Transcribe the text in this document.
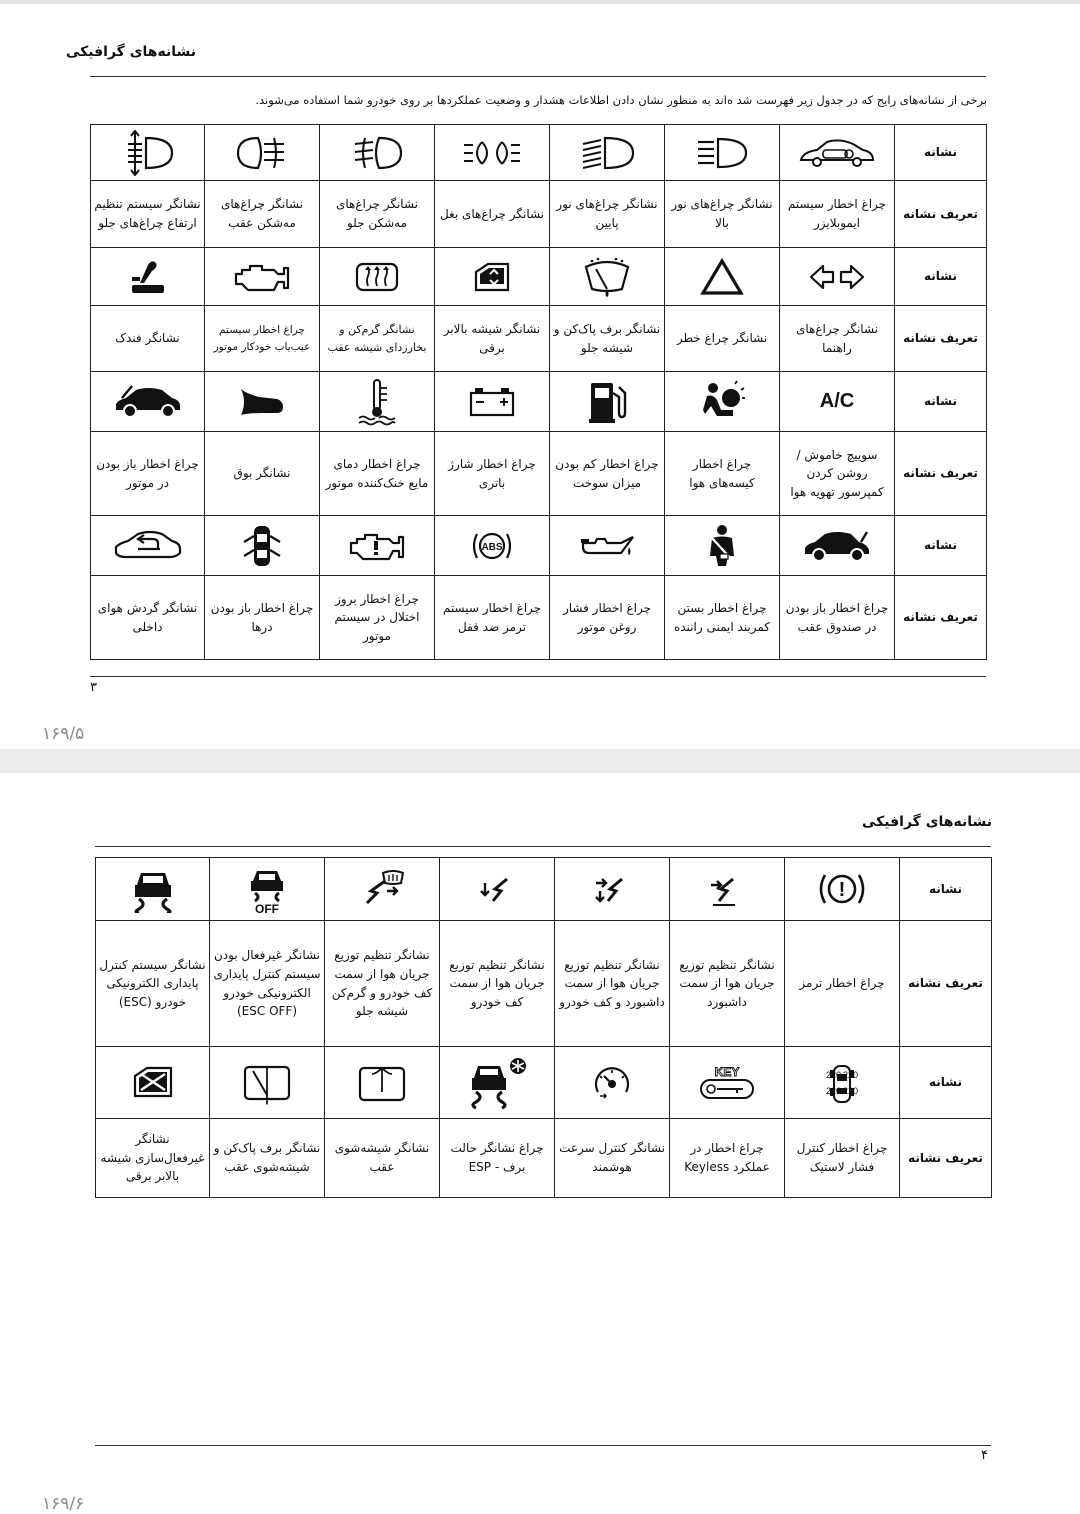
نشانه‌های گرافیکی
برخی از نشانه‌های رایج که در جدول زیر فهرست شد ه‌اند به منظور نشان دادن اطلاعات هشدار و وضعیت عملکردها بر روی خودرو شما استفاده می‌شوند.
نشانه	

تعریف نشانه	چراغ اخطار سیستم ایموبلایزر	نشانگر چراغ‌های نور بالا	نشانگر چراغ‌های نور پایین	نشانگر چراغ‌های بغل	نشانگر چراغ‌های مه‌شکن جلو	نشانگر چراغ‌های مه‌شکن عقب	نشانگر سیستم تنظیم ارتفاع چراغ‌های جلو
نشانه	

تعریف نشانه	نشانگر چراغ‌های راهنما	نشانگر چراغ خطر	نشانگر برف پاک‌کن و شیشه جلو	نشانگر شیشه بالابر برقی	نشانگر گرم‌کن و بخارزدای شیشه عقب	چراغ اخطار سیستم عیب‌یاب خودکار موتور	نشانگر فندک
نشانه	A/C	

تعریف نشانه	سوییچ خاموش / روشن کردن کمپرسور تهویه هوا	چراغ اخطار کیسه‌های هوا	چراغ اخطار کم بودن میزان سوخت	چراغ اخطار شارژ باتری	چراغ اخطار دمای مایع خنک‌کننده موتور	نشانگر بوق	چراغ اخطار باز بودن در موتور
نشانه				ABS

تعریف نشانه	چراغ اخطار باز بودن در صندوق عقب	چراغ اخطار بستن کمربند ایمنی راننده	چراغ اخطار فشار روغن موتور	چراغ اخطار سیستم ترمز ضد قفل	چراغ اخطار بروز اختلال در سیستم موتور	چراغ اخطار باز بودن درها	نشانگر گردش هوای داخلی
۳
۱۶۹/۵
نشانه‌های گرافیکی
نشانه	!					OFF

تعریف نشانه	چراغ اخطار ترمز	نشانگر تنظیم توزیع جریان هوا از سمت داشبورد	نشانگر تنظیم توزیع جریان هوا از سمت داشبورد و کف خودرو	نشانگر تنظیم توزیع جریان هوا از سمت کف خودرو	نشانگر تنظیم توزیع جریان هوا از سمت کف خودرو و گرم‌کن شیشه جلو	نشانگر غیرفعال بودن سیستم کنترل پایداری الکترونیکی خودرو (ESC OFF)	نشانگر سیستم کنترل پایداری الکترونیکی خودرو (ESC)
نشانه	220 220
220 220	KEY

تعریف نشانه	چراغ اخطار کنترل فشار لاستیک	چراغ اخطار در عملکرد Keyless	نشانگر کنترل سرعت هوشمند	چراغ نشانگر حالت برف - ESP	نشانگر شیشه‌شوی عقب	نشانگر برف پاک‌کن و شیشه‌شوی عقب	نشانگر غیرفعال‌سازی شیشه بالابر برقی
۴
۱۶۹/۶
